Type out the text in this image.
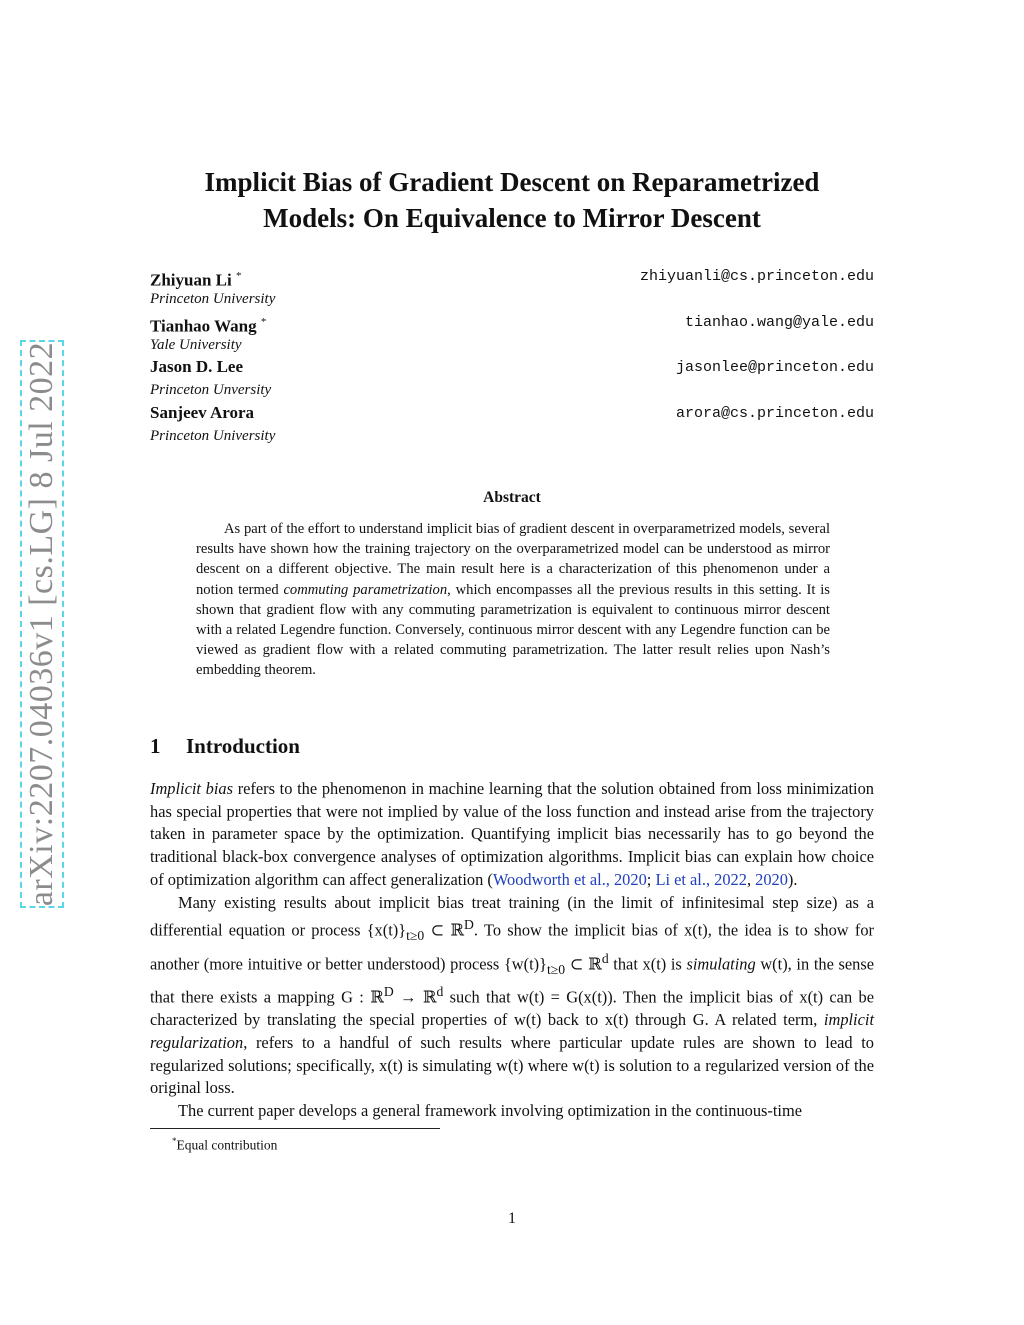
arXiv:2207.04036v1 [cs.LG] 8 Jul 2022
Implicit Bias of Gradient Descent on Reparametrized
Models: On Equivalence to Mirror Descent
Zhiyuan Li *
Princeton University
zhiyuanli@cs.princeton.edu
Tianhao Wang *
Yale University
tianhao.wang@yale.edu
Jason D. Lee
Princeton Unversity
jasonlee@princeton.edu
Sanjeev Arora
Princeton University
arora@cs.princeton.edu
Abstract

As part of the effort to understand implicit bias of gradient descent in overparametrized models, several results have shown how the training trajectory on the overparametrized model can be understood as mirror descent on a different objective. The main result here is a characterization of this phenomenon under a notion termed commuting parametrization, which encompasses all the previous results in this setting. It is shown that gradient flow with any commuting parametrization is equivalent to continuous mirror descent with a related Legendre function. Conversely, continuous mirror descent with any Legendre function can be viewed as gradient flow with a related commuting parametrization. The latter result relies upon Nash’s embedding theorem.

1 Introduction

Implicit bias refers to the phenomenon in machine learning that the solution obtained from loss minimization has special properties that were not implied by value of the loss function and instead arise from the trajectory taken in parameter space by the optimization. Quantifying implicit bias necessarily has to go beyond the traditional black-box convergence analyses of optimization algorithms. Implicit bias can explain how choice of optimization algorithm can affect generalization (Woodworth et al., 2020; Li et al., 2022, 2020).

Many existing results about implicit bias treat training (in the limit of infinitesimal step size) as a differential equation or process $\{x(t)\}_{t\ge 0}$ ⊂ ℝ$^D$. To show the implicit bias of x(t), the idea is to show for another (more intuitive or better understood) process $\{w(t)\}_{t\ge 0}$ ⊂ ℝ$^d$ that x(t) is simulating w(t), in the sense that there exists a mapping G : ℝ$^D$ → ℝ$^d$ such that w(t) = G(x(t)). Then the implicit bias of x(t) can be characterized by translating the special properties of w(t) back to x(t) through G. A related term, implicit regularization, refers to a handful of such results where particular update rules are shown to lead to regularized solutions; specifically, x(t) is simulating w(t) where w(t) is solution to a regularized version of the original loss.

The current paper develops a general framework involving optimization in the continuous-time

*Equal contribution
1
